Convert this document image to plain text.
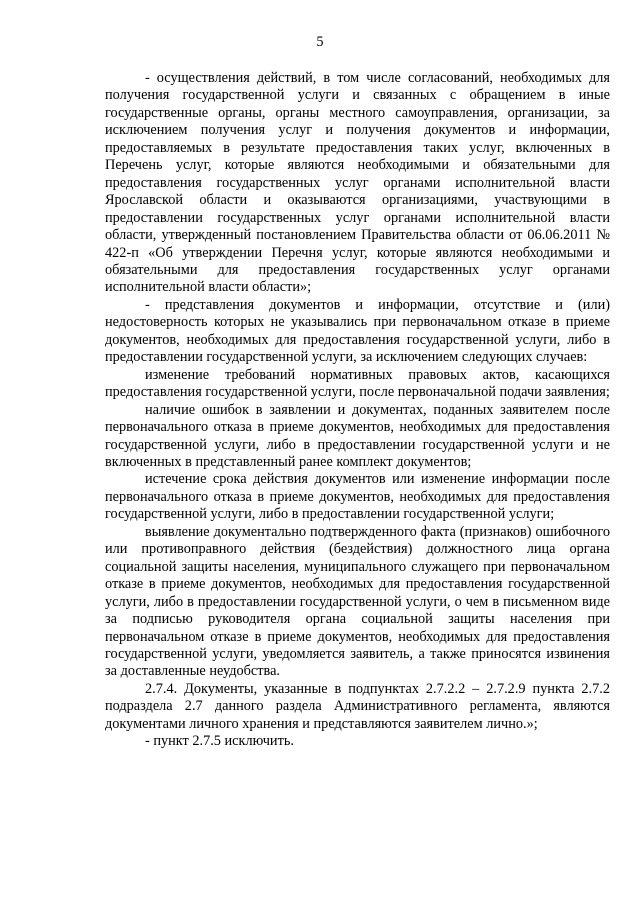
5

- осуществления действий, в том числе согласований, необходимых для получения государственной услуги и связанных с обращением в иные государственные органы, органы местного самоуправления, организации, за исключением получения услуг и получения документов и информации, предоставляемых в результате предоставления таких услуг, включенных в Перечень услуг, которые являются необходимыми и обязательными для предоставления государственных услуг органами исполнительной власти Ярославской области и оказываются организациями, участвующими в предоставлении государственных услуг органами исполнительной власти области, утвержденный постановлением Правительства области от 06.06.2011 № 422-п «Об утверждении Перечня услуг, которые являются необходимыми и обязательными для предоставления государственных услуг органами исполнительной власти области»;

- представления документов и информации, отсутствие и (или) недостоверность которых не указывались при первоначальном отказе в приеме документов, необходимых для предоставления государственной услуги, либо в предоставлении государственной услуги, за исключением следующих случаев:

изменение требований нормативных правовых актов, касающихся предоставления государственной услуги, после первоначальной подачи заявления;

наличие ошибок в заявлении и документах, поданных заявителем после первоначального отказа в приеме документов, необходимых для предоставления государственной услуги, либо в предоставлении государственной услуги и не включенных в представленный ранее комплект документов;

истечение срока действия документов или изменение информации после первоначального отказа в приеме документов, необходимых для предоставления государственной услуги, либо в предоставлении государственной услуги;

выявление документально подтвержденного факта (признаков) ошибочного или противоправного действия (бездействия) должностного лица органа социальной защиты населения, муниципального служащего при первоначальном отказе в приеме документов, необходимых для предоставления государственной услуги, либо в предоставлении государственной услуги, о чем в письменном виде за подписью руководителя органа социальной защиты населения при первоначальном отказе в приеме документов, необходимых для предоставления государственной услуги, уведомляется заявитель, а также приносятся извинения за доставленные неудобства.

2.7.4. Документы, указанные в подпунктах 2.7.2.2 – 2.7.2.9 пункта 2.7.2 подраздела 2.7 данного раздела Административного регламента, являются документами личного хранения и представляются заявителем лично.»;

- пункт 2.7.5 исключить.
